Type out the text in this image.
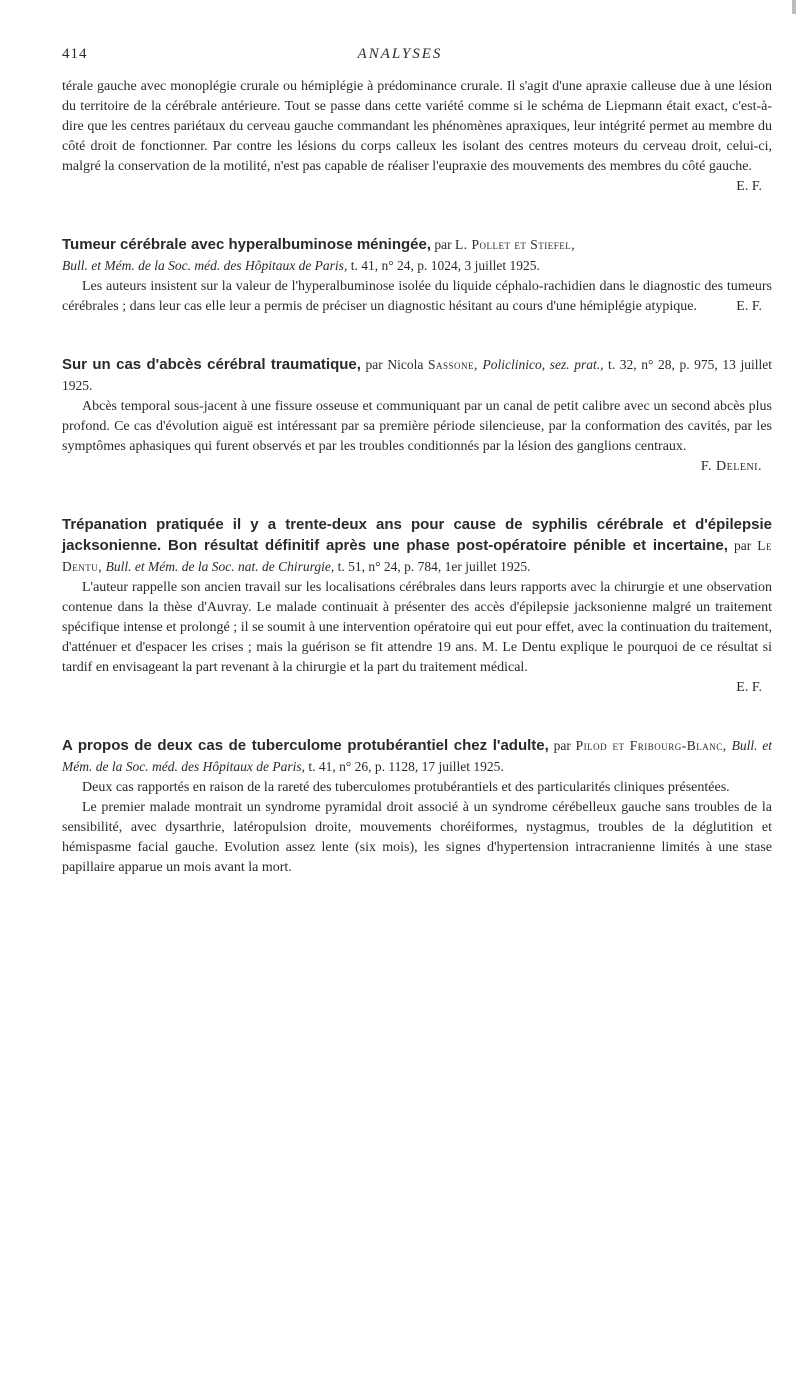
414	ANALYSES

térale gauche avec monoplégie crurale ou hémiplégie à prédominance crurale. Il s'agit d'une apraxie calleuse due à une lésion du territoire de la cérébrale antérieure. Tout se passe dans cette variété comme si le schéma de Liepmann était exact, c'est-à-dire que les centres pariétaux du cerveau gauche commandant les phénomènes apraxiques, leur intégrité permet au membre du côté droit de fonctionner. Par contre les lésions du corps calleux les isolant des centres moteurs du cerveau droit, celui-ci, malgré la conservation de la motilité, n'est pas capable de réaliser l'eupraxie des mouvements des membres du côté gauche.
E. F.

Tumeur cérébrale avec hyperalbuminose méningée, par L. Pollet et Stiefel,
Bull. et Mém. de la Soc. méd. des Hôpitaux de Paris, t. 41, n° 24, p. 1024, 3 juillet 1925.

Les auteurs insistent sur la valeur de l'hyperalbuminose isolée du liquide céphalo-rachidien dans le diagnostic des tumeurs cérébrales ; dans leur cas elle leur a permis de préciser un diagnostic hésitant au cours d'une hémiplégie atypique.	E. F.

Sur un cas d'abcès cérébral traumatique, par Nicola Sassone, Policlinico, sez. prat., t. 32, n° 28, p. 975, 13 juillet 1925.

Abcès temporal sous-jacent à une fissure osseuse et communiquant par un canal de petit calibre avec un second abcès plus profond. Ce cas d'évolution aiguë est intéressant par sa première période silencieuse, par la conformation des cavités, par les symptômes aphasiques qui furent observés et par les troubles conditionnés par la lésion des ganglions centraux.
F. Deleni.

Trépanation pratiquée il y a trente-deux ans pour cause de syphilis cérébrale et d'épilepsie jacksonienne. Bon résultat définitif après une phase post-opératoire pénible et incertaine, par Le Dentu, Bull. et Mém. de la Soc. nat. de Chirurgie, t. 51, n° 24, p. 784, 1er juillet 1925.

L'auteur rappelle son ancien travail sur les localisations cérébrales dans leurs rapports avec la chirurgie et une observation contenue dans la thèse d'Auvray. Le malade continuait à présenter des accès d'épilepsie jacksonienne malgré un traitement spécifique intense et prolongé ; il se soumit à une intervention opératoire qui eut pour effet, avec la continuation du traitement, d'atténuer et d'espacer les crises ; mais la guérison se fit attendre 19 ans. M. Le Dentu explique le pourquoi de ce résultat si tardif en envisageant la part revenant à la chirurgie et la part du traitement médical.

E. F.

A propos de deux cas de tuberculome protubérantiel chez l'adulte, par Pilod et Fribourg-Blanc, Bull. et Mém. de la Soc. méd. des Hôpitaux de Paris, t. 41, n° 26, p. 1128, 17 juillet 1925.

Deux cas rapportés en raison de la rareté des tuberculomes protubérantiels et des particularités cliniques présentées.

Le premier malade montrait un syndrome pyramidal droit associé à un syndrome cérébelleux gauche sans troubles de la sensibilité, avec dysarthrie, latéropulsion droite, mouvements choréiformes, nystagmus, troubles de la déglutition et hémispasme facial gauche. Evolution assez lente (six mois), les signes d'hypertension intracranienne limités à une stase papillaire apparue un mois avant la mort.
